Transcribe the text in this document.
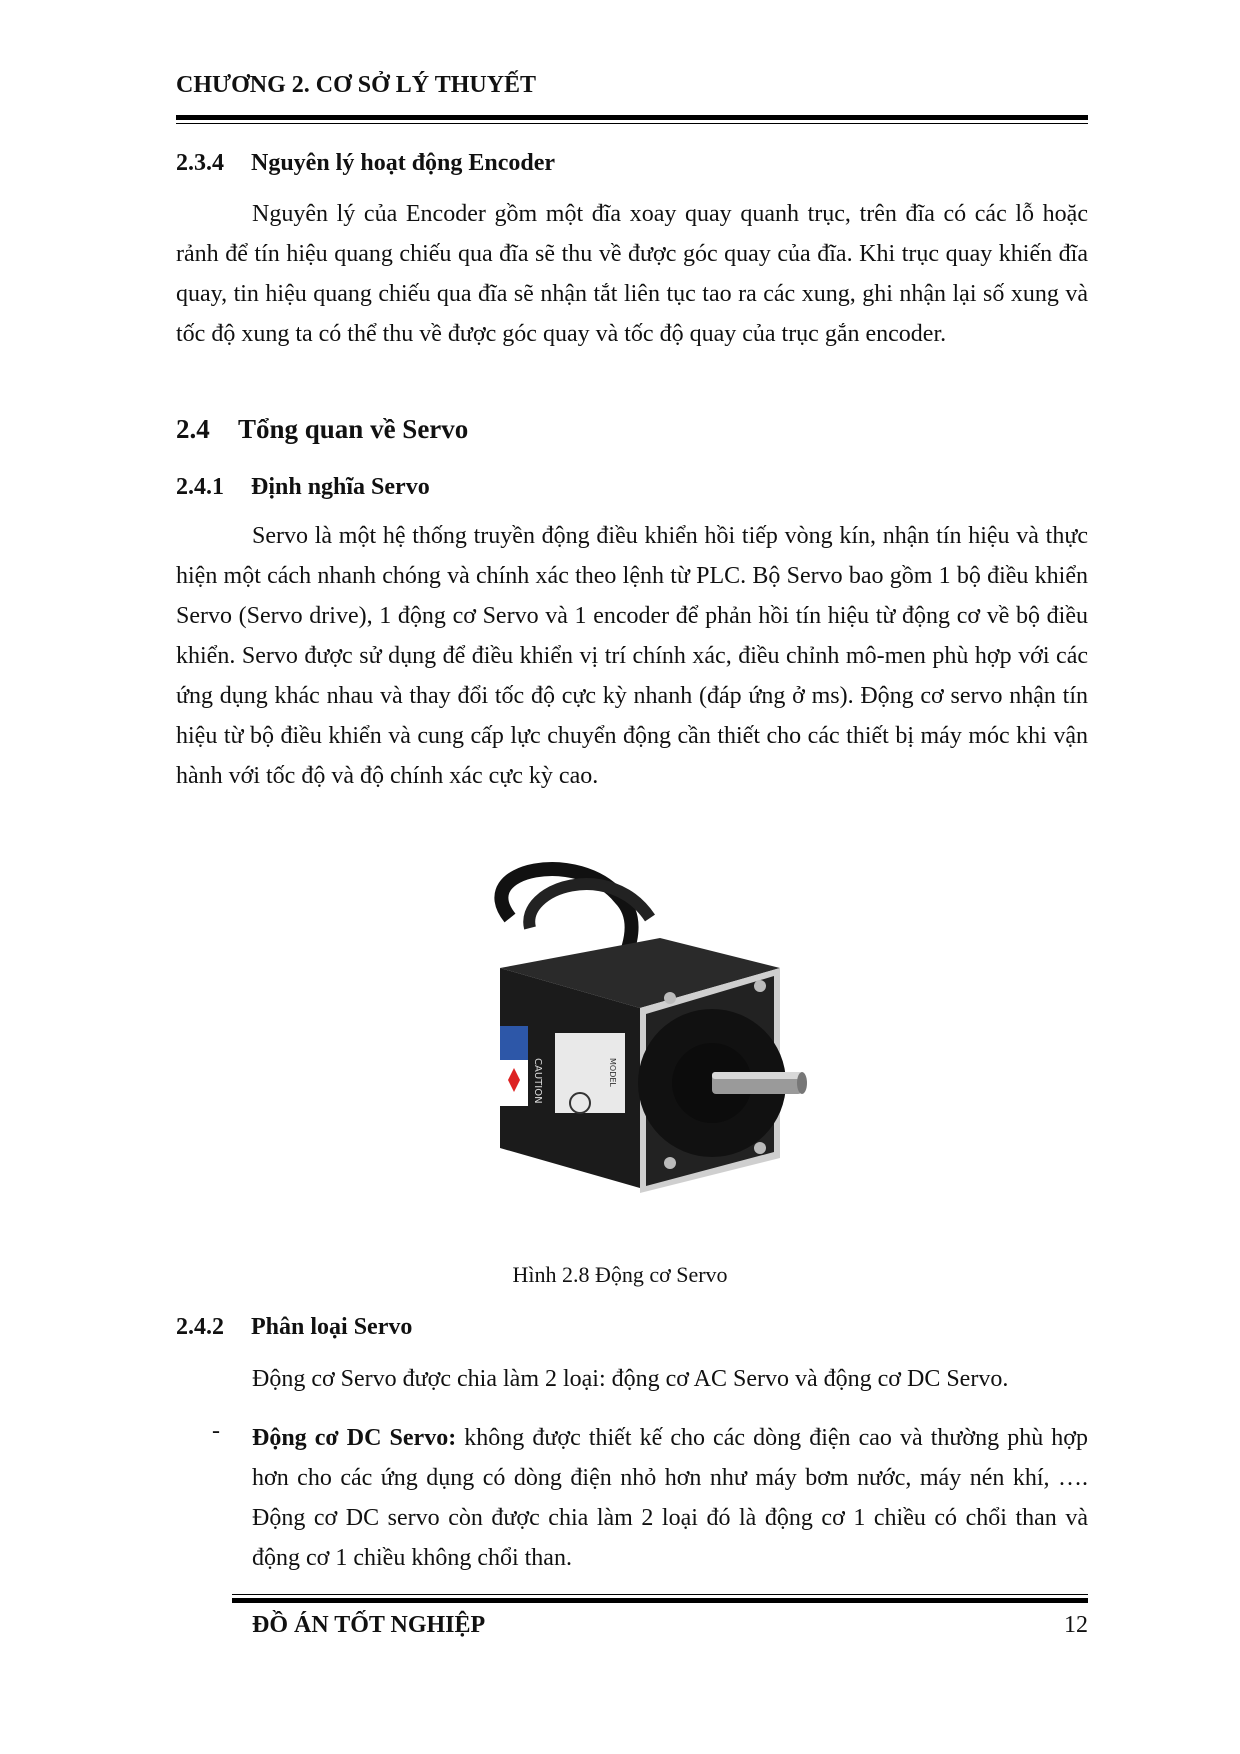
CHƯƠNG 2. CƠ SỞ LÝ THUYẾT
2.3.4 Nguyên lý hoạt động Encoder
Nguyên lý của Encoder gồm một đĩa xoay quay quanh trục, trên đĩa có các lỗ hoặc rảnh để tín hiệu quang chiếu qua đĩa sẽ thu về được góc quay của đĩa. Khi trục quay khiến đĩa quay, tin hiệu quang chiếu qua đĩa sẽ nhận tắt liên tục tao ra các xung, ghi nhận lại số xung và tốc độ xung ta có thể thu về được góc quay và tốc độ quay của trục gắn encoder.
2.4 Tổng quan về Servo
2.4.1 Định nghĩa Servo
Servo là một hệ thống truyền động điều khiển hồi tiếp vòng kín, nhận tín hiệu và thực hiện một cách nhanh chóng và chính xác theo lệnh từ PLC. Bộ Servo bao gồm 1 bộ điều khiển Servo (Servo drive), 1 động cơ Servo và 1 encoder để phản hồi tín hiệu từ động cơ về bộ điều khiển. Servo được sử dụng để điều khiển vị trí chính xác, điều chỉnh mô-men phù hợp với các ứng dụng khác nhau và thay đổi tốc độ cực kỳ nhanh (đáp ứng ở ms). Động cơ servo nhận tín hiệu từ bộ điều khiển và cung cấp lực chuyển động cần thiết cho các thiết bị máy móc khi vận hành với tốc độ và độ chính xác cực kỳ cao.
CAUTION	MODEL
Hình 2.8 Động cơ Servo
2.4.2 Phân loại Servo
Động cơ Servo được chia làm 2 loại: động cơ AC Servo và động cơ DC Servo.
- Động cơ DC Servo: không được thiết kế cho các dòng điện cao và thường phù hợp hơn cho các ứng dụng có dòng điện nhỏ hơn như máy bơm nước, máy nén khí, …. Động cơ DC servo còn được chia làm 2 loại đó là động cơ 1 chiều có chổi than và động cơ 1 chiều không chổi than.
ĐỒ ÁN TỐT NGHIỆP	12
